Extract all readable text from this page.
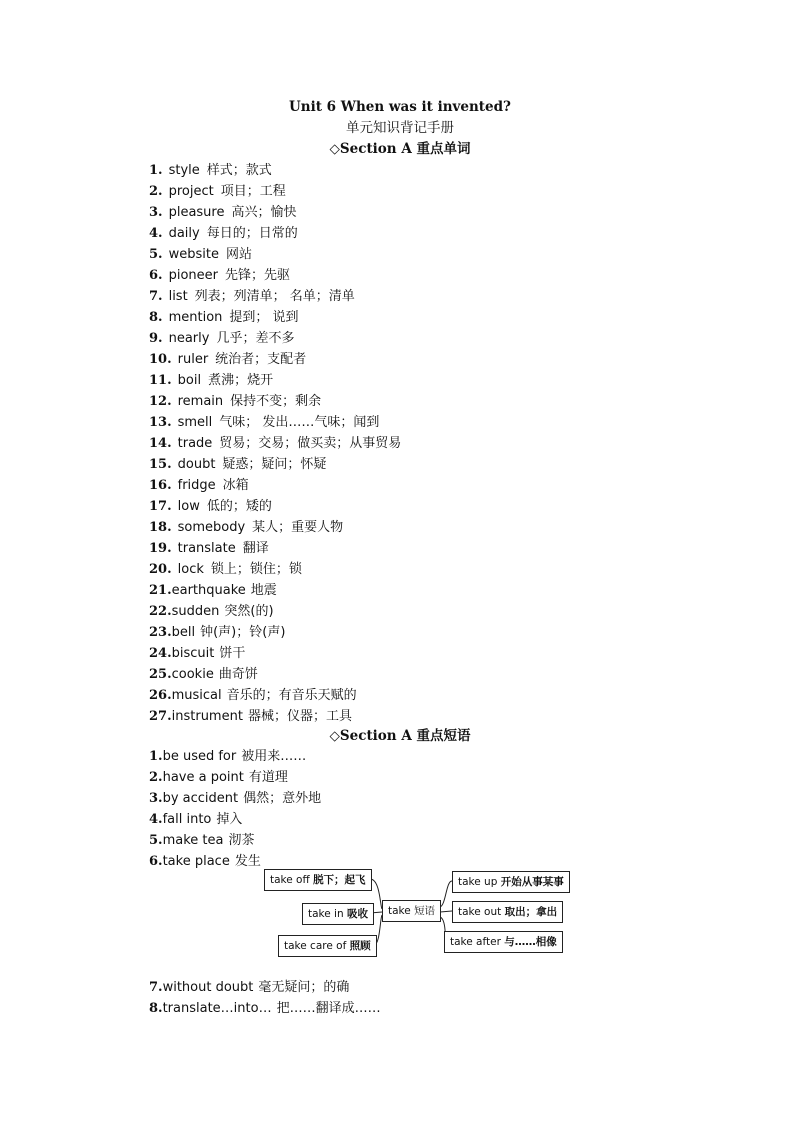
Unit 6 When was it invented?
单元知识背记手册
◇Section A 重点单词
1. style 样式；款式
2. project 项目；工程
3. pleasure 高兴；愉快
4. daily 每日的；日常的
5. website 网站
6. pioneer 先锋；先驱
7. list 列表；列清单； 名单；清单
8. mention 提到； 说到
9. nearly 几乎；差不多
10. ruler 统治者；支配者
11. boil 煮沸；烧开
12. remain 保持不变；剩余
13. smell 气味； 发出……气味；闻到
14. trade 贸易；交易；做买卖；从事贸易
15. doubt 疑惑；疑问；怀疑
16. fridge 冰箱
17. low 低的；矮的
18. somebody 某人；重要人物
19. translate 翻译
20. lock 锁上；锁住；锁
21.earthquake 地震
22.sudden 突然(的)
23.bell 钟(声)；铃(声)
24.biscuit 饼干
25.cookie 曲奇饼
26.musical 音乐的；有音乐天赋的
27.instrument 器械；仪器；工具
◇Section A 重点短语
1.be used for 被用来……
2.have a point 有道理
3.by accident 偶然；意外地
4.fall into 掉入
5.make tea 沏茶
6.take place 发生
take off 脱下；起飞
take in 吸收
take care of 照顾
take 短语
take up 开始从事某事
take out 取出；拿出
take after 与……相像
7.without doubt 毫无疑问；的确
8.translate…into… 把……翻译成……
